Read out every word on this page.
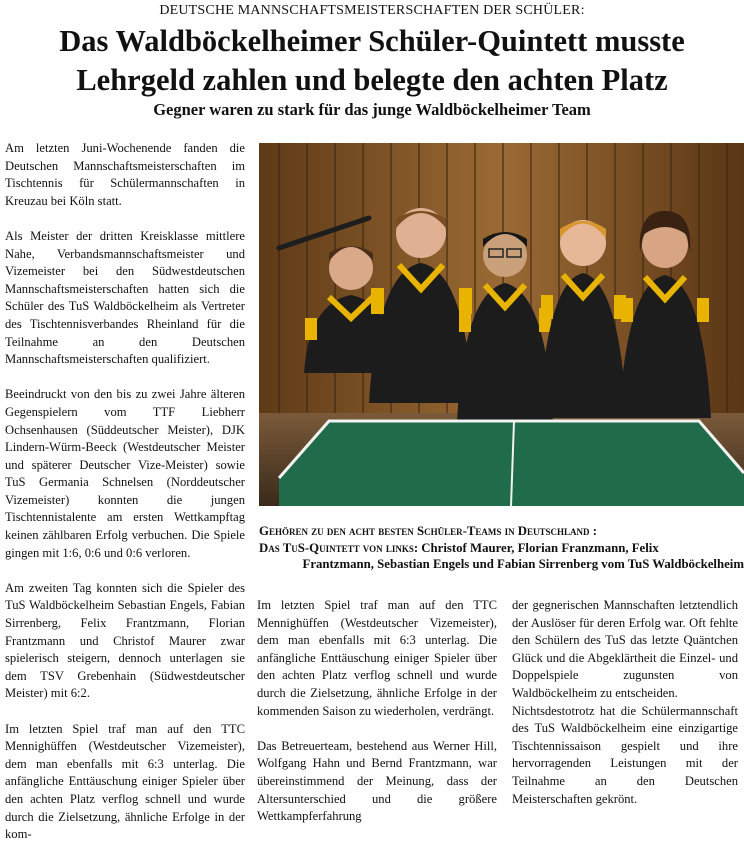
DEUTSCHE MANNSCHAFTSMEISTERSCHAFTEN DER SCHÜLER:
Das Waldböckelheimer Schüler-Quintett musste
Lehrgeld zahlen und belegte den achten Platz
Gegner waren zu stark für das junge Waldböckelheimer Team

Am letzten Juni-Wochenende fanden die Deutschen Mannschaftsmeisterschaften im Tischtennis für Schülermannschaften in Kreuzau bei Köln statt.

Als Meister der dritten Kreisklasse mittlere Nahe, Verbandsmannschaftsmeister und Vizemeister bei den Südwestdeutschen Mannschaftsmeisterschaften hatten sich die Schüler des TuS Waldböckelheim als Vertreter des Tischtennisverbandes Rheinland für die Teilnahme an den Deutschen Mannschaftsmeisterschaften qualifiziert.

Beeindruckt von den bis zu zwei Jahre älteren Gegenspielern vom TTF Liebherr Ochsenhausen (Süddeutscher Meister), DJK Lindern-Würm-Beeck (Westdeutscher Meister und späterer Deutscher Vize-Meister) sowie TuS Germania Schnelsen (Norddeutscher Vizemeister) konnten die jungen Tischtennistalente am ersten Wettkampftag keinen zählbaren Erfolg verbuchen. Die Spiele gingen mit 1:6, 0:6 und 0:6 verloren.

Am zweiten Tag konnten sich die Spieler des TuS Waldböckelheim Sebastian Engels, Fabian Sirrenberg, Felix Frantzmann, Florian Frantzmann und Christof Maurer zwar spielerisch steigern, dennoch unterlagen sie dem TSV Grebenhain (Südwestdeutscher Meister) mit 6:2.

Im letzten Spiel traf man auf den TTC Mennighüffen (Westdeutscher Vizemeister), dem man ebenfalls mit 6:3 unterlag. Die anfängliche Enttäuschung einiger Spieler über den achten Platz verflog schnell und wurde durch die Zielsetzung, ähnliche Erfolge in der kom-

Gehören zu den acht besten Schüler-Teams in Deutschland :
Das TuS-Quintett von links: Christof Maurer, Florian Franzmann, Felix
Frantzmann, Sebastian Engels und Fabian Sirrenberg vom TuS Waldböckelheim

Im letzten Spiel traf man auf den TTC Mennighüffen (Westdeutscher Vizemeister), dem man ebenfalls mit 6:3 unterlag. Die anfängliche Enttäuschung einiger Spieler über den achten Platz verflog schnell und wurde durch die Zielsetzung, ähnliche Erfolge in der kommenden Saison zu wiederholen, verdrängt.

Das Betreuerteam, bestehend aus Werner Hill, Wolfgang Hahn und Bernd Frantzmann, war übereinstimmend der Meinung, dass der Altersunterschied und die größere Wettkampferfahrung

der gegnerischen Mannschaften letztendlich der Auslöser für deren Erfolg war. Oft fehlte den Schülern des TuS das letzte Quäntchen Glück und die Abgeklärtheit die Einzel- und Doppelspiele zugunsten von Waldböckelheim zu entscheiden.

Nichtsdestotrotz hat die Schülermannschaft des TuS Waldböckelheim eine einzigartige Tischtennissaison gespielt und ihre hervorragenden Leistungen mit der Teilnahme an den Deutschen Meisterschaften gekrönt.
